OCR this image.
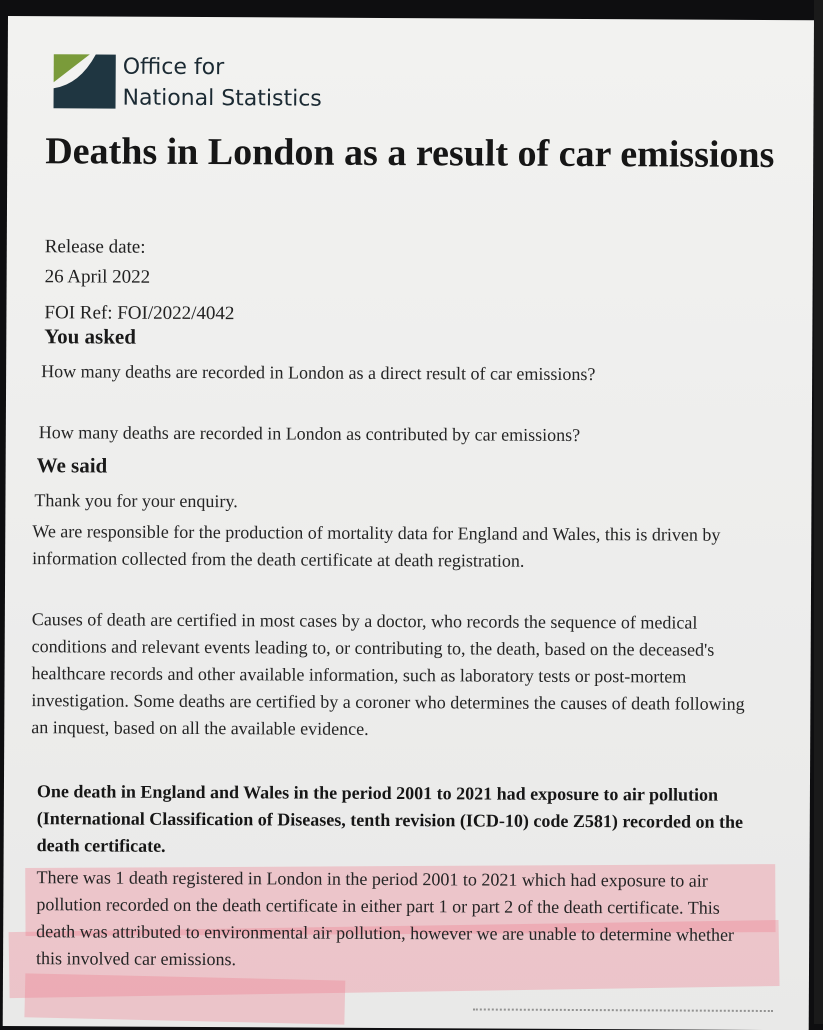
Office for
National Statistics
Deaths in London as a result of car emissions
Release date:
26 April 2022
FOI Ref: FOI/2022/4042
You asked

How many deaths are recorded in London as a direct result of car emissions?

How many deaths are recorded in London as contributed by car emissions?

We said

Thank you for your enquiry.

We are responsible for the production of mortality data for England and Wales, this is driven by information collected from the death certificate at death registration.

Causes of death are certified in most cases by a doctor, who records the sequence of medical conditions and relevant events leading to, or contributing to, the death, based on the deceased's healthcare records and other available information, such as laboratory tests or post-mortem investigation. Some deaths are certified by a coroner who determines the causes of death following an inquest, based on all the available evidence.

One death in England and Wales in the period 2001 to 2021 had exposure to air pollution (International Classification of Diseases, tenth revision (ICD-10) code Z581) recorded on the death certificate.

There was 1 death registered in London in the period 2001 to 2021 which had exposure to air pollution recorded on the death certificate in either part 1 or part 2 of the death certificate. This death was attributed to environmental air pollution, however we are unable to determine whether this involved car emissions.
